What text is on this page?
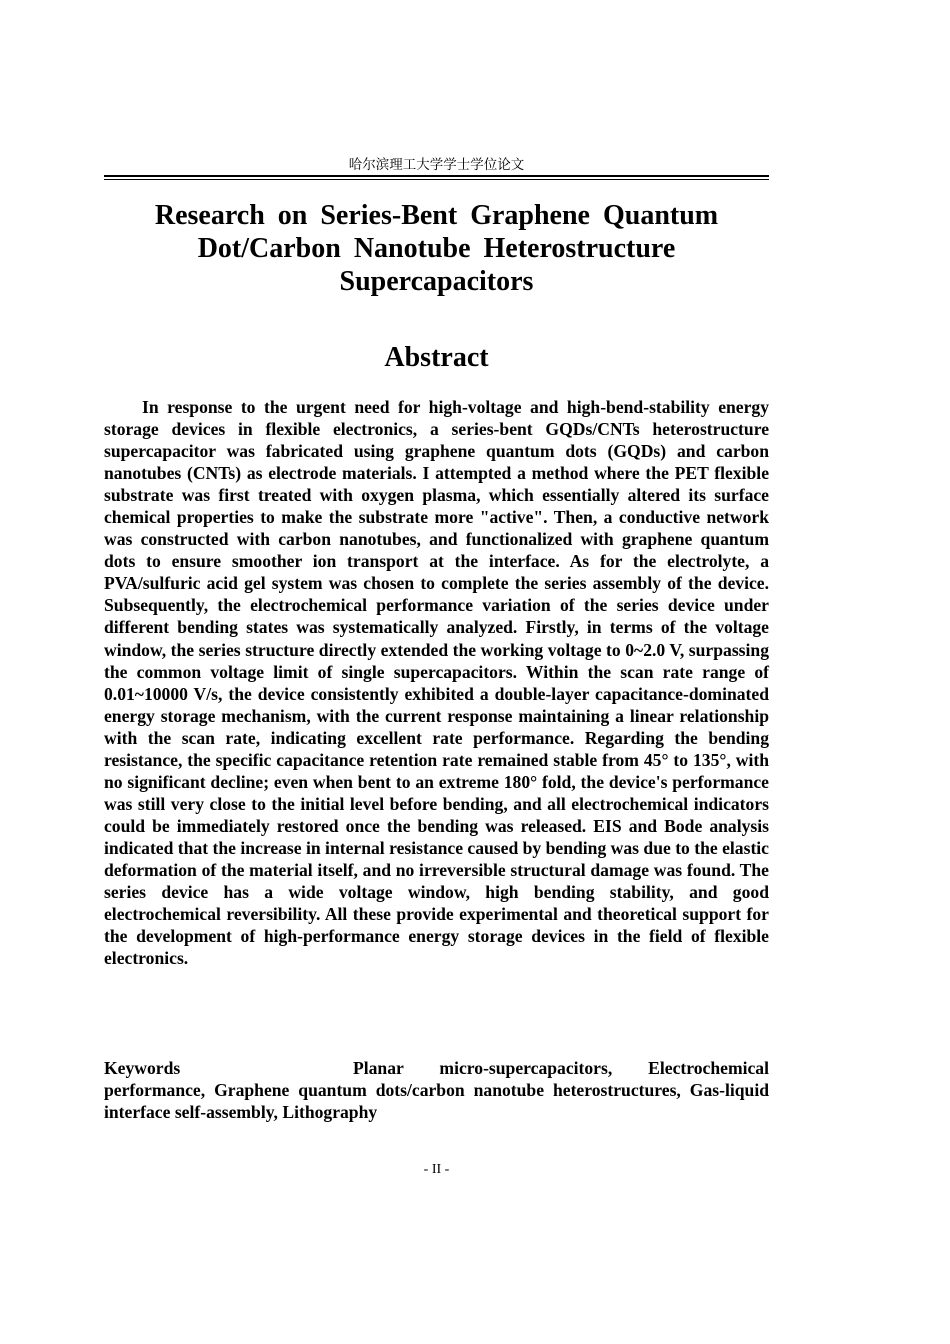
哈尔滨理工大学学士学位论文
Research on Series-Bent Graphene Quantum
Dot/Carbon Nanotube Heterostructure
Supercapacitors
Abstract

In response to the urgent need for high-voltage and high-bend-stability energy storage devices in flexible electronics, a series-bent GQDs/CNTs heterostructure supercapacitor was fabricated using graphene quantum dots (GQDs) and carbon nanotubes (CNTs) as electrode materials. I attempted a method where the PET flexible substrate was first treated with oxygen plasma, which essentially altered its surface chemical properties to make the substrate more "active". Then, a conductive network was constructed with carbon nanotubes, and functionalized with graphene quantum dots to ensure smoother ion transport at the interface. As for the electrolyte, a PVA/sulfuric acid gel system was chosen to complete the series assembly of the device. Subsequently, the electrochemical performance variation of the series device under different bending states was systematically analyzed. Firstly, in terms of the voltage window, the series structure directly extended the working voltage to 0~2.0 V, surpassing the common voltage limit of single supercapacitors. Within the scan rate range of 0.01~10000 V/s, the device consistently exhibited a double-layer capacitance-dominated energy storage mechanism, with the current response maintaining a linear relationship with the scan rate, indicating excellent rate performance. Regarding the bending resistance, the specific capacitance retention rate remained stable from 45° to 135°, with no significant decline; even when bent to an extreme 180° fold, the device's performance was still very close to the initial level before bending, and all electrochemical indicators could be immediately restored once the bending was released. EIS and Bode analysis indicated that the increase in internal resistance caused by bending was due to the elastic deformation of the material itself, and no irreversible structural damage was found. The series device has a wide voltage window, high bending stability, and good electrochemical reversibility. All these provide experimental and theoretical support for the development of high-performance energy storage devices in the field of flexible electronics.

Keywords	Planar micro-supercapacitors, Electrochemical performance, Graphene quantum dots/carbon nanotube heterostructures, Gas-liquid interface self-assembly, Lithography
- II -
